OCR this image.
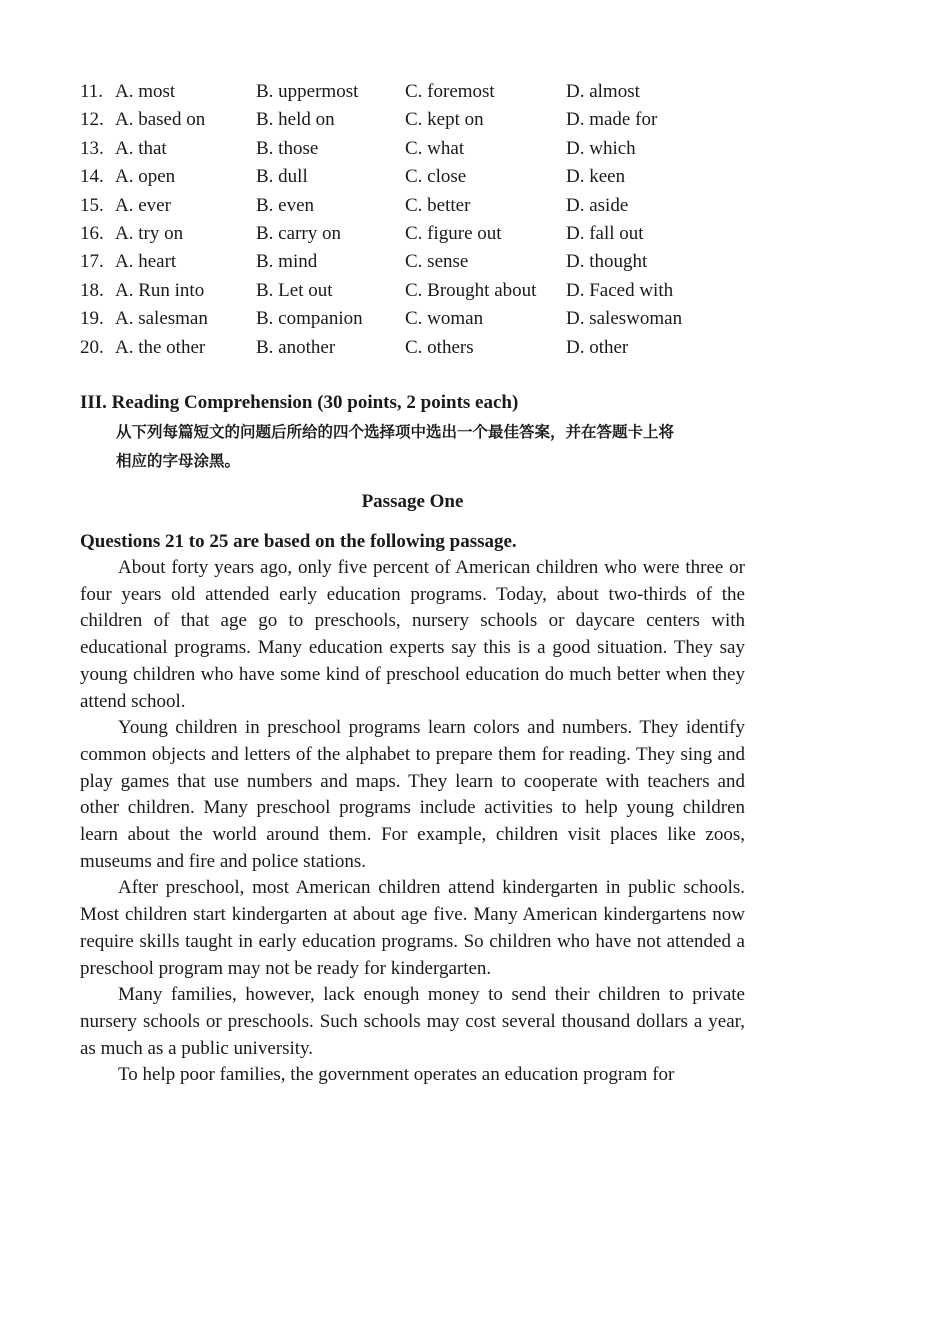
11. A. most	B. uppermost C. foremost	D. almost
12. A. based on	B. held on	C. kept on	D. made for
13. A. that	B. those	C. what	D. which
14. A. open	B. dull	C. close	D. keen
15. A. ever	B. even	C. better	D. aside
16. A. try on	B. carry on	C. figure out	D. fall out
17. A. heart	B. mind	C. sense	D. thought
18. A. Run into	B. Let out	C. Brought about D. Faced with
19. A. salesman	B. companion C. woman	D. saleswoman
20. A. the other	B. another	C. others	D. other
III. Reading Comprehension (30 points, 2 points each)
从下列每篇短文的问题后所给的四个选择项中选出一个最佳答案，并在答题卡上将
相应的字母涂黑。
Passage One
Questions 21 to 25 are based on the following passage.

About forty years ago, only five percent of American children who were three or four years old attended early education programs. Today, about two-thirds of the children of that age go to preschools, nursery schools or daycare centers with educational programs. Many education experts say this is a good situation. They say young children who have some kind of preschool education do much better when they attend school.

Young children in preschool programs learn colors and numbers. They identify common objects and letters of the alphabet to prepare them for reading. They sing and play games that use numbers and maps. They learn to cooperate with teachers and other children. Many preschool programs include activities to help young children learn about the world around them. For example, children visit places like zoos, museums and fire and police stations.

After preschool, most American children attend kindergarten in public schools. Most children start kindergarten at about age five. Many American kindergartens now require skills taught in early education programs. So children who have not attended a preschool program may not be ready for kindergarten.

Many families, however, lack enough money to send their children to private nursery schools or preschools. Such schools may cost several thousand dollars a year, as much as a public university.

To help poor families, the government operates an education program for
